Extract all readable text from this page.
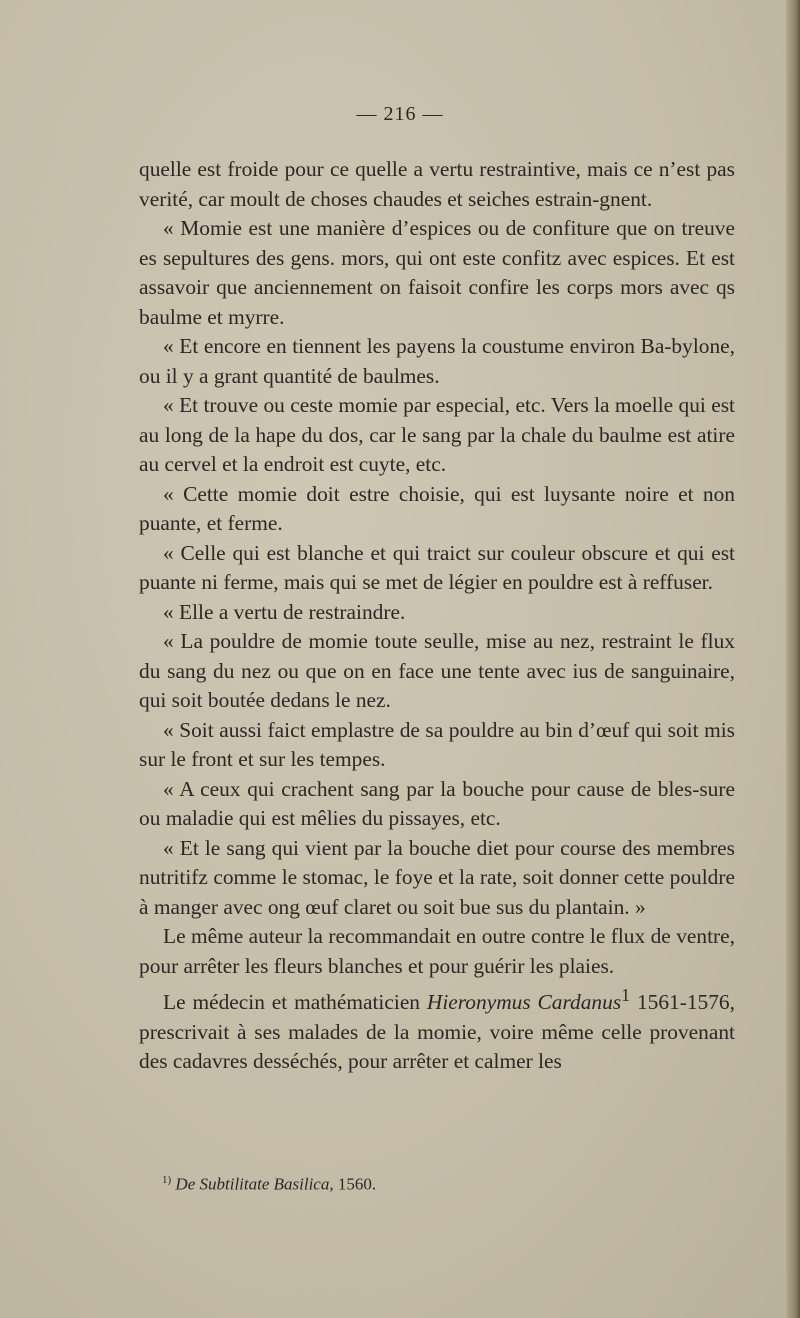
— 216 —

quelle est froide pour ce quelle a vertu restraintive, mais ce n’est pas verité, car moult de choses chaudes et seiches estrain-gnent.

« Momie est une manière d’espices ou de confiture que on treuve es sepultures des gens. mors, qui ont este confitz avec espices. Et est assavoir que anciennement on faisoit confire les corps mors avec qs baulme et myrre.

« Et encore en tiennent les payens la coustume environ Ba-bylone, ou il y a grant quantité de baulmes.

« Et trouve ou ceste momie par especial, etc. Vers la moelle qui est au long de la hape du dos, car le sang par la chale du baulme est atire au cervel et la endroit est cuyte, etc.

« Cette momie doit estre choisie, qui est luysante noire et non puante, et ferme.

« Celle qui est blanche et qui traict sur couleur obscure et qui est puante ni ferme, mais qui se met de légier en pouldre est à reffuser.

« Elle a vertu de restraindre.

« La pouldre de momie toute seulle, mise au nez, restraint le flux du sang du nez ou que on en face une tente avec ius de sanguinaire, qui soit boutée dedans le nez.

« Soit aussi faict emplastre de sa pouldre au bin d’œuf qui soit mis sur le front et sur les tempes.

« A ceux qui crachent sang par la bouche pour cause de bles-sure ou maladie qui est mêlies du pissayes, etc.

« Et le sang qui vient par la bouche diet pour course des membres nutritifz comme le stomac, le foye et la rate, soit donner cette pouldre à manger avec ong œuf claret ou soit bue sus du plantain. »

Le même auteur la recommandait en outre contre le flux de ventre, pour arrêter les fleurs blanches et pour guérir les plaies.

Le médecin et mathématicien Hieronymus Cardanus$^1$ 1561-1576, prescrivait à ses malades de la momie, voire même celle provenant des cadavres desséchés, pour arrêter et calmer les

$^{1)}$ De Subtilitate Basilica, 1560.
